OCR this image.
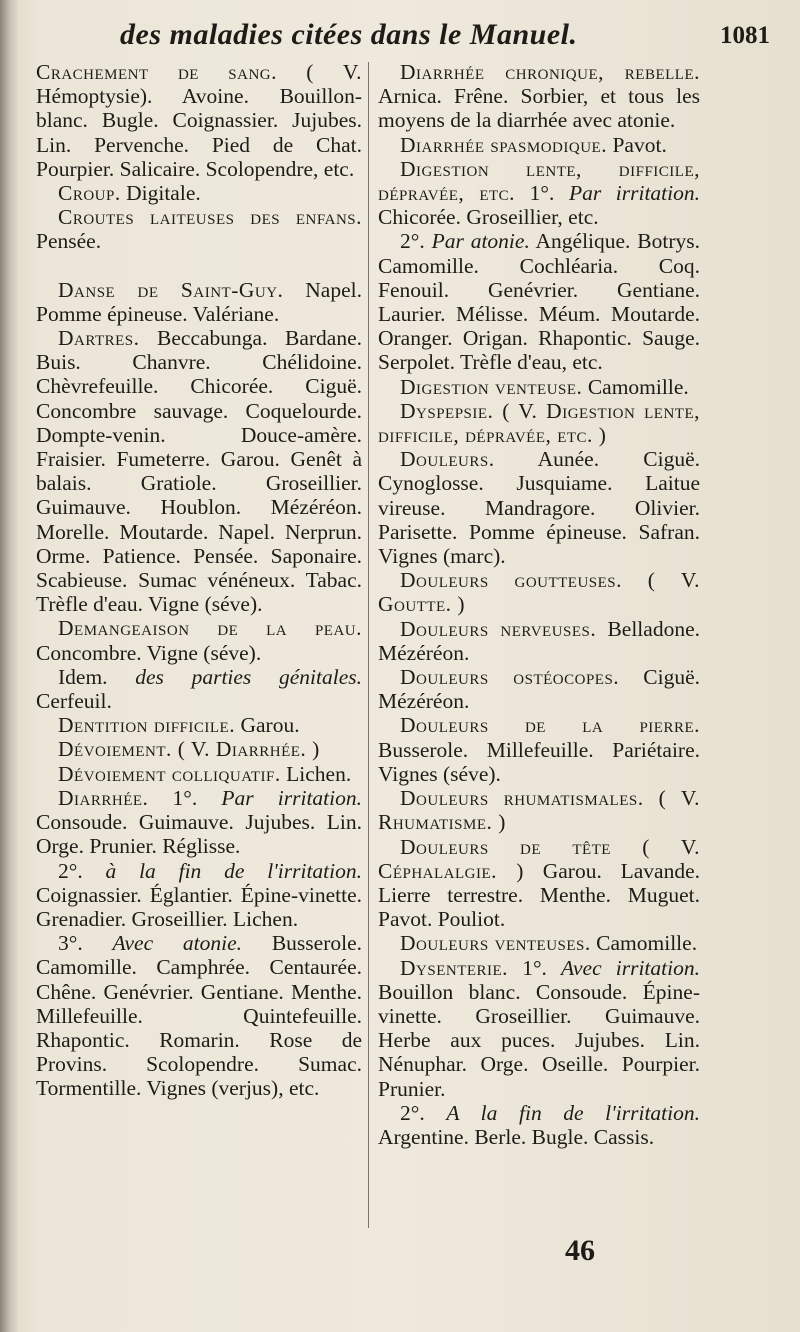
des maladies citées dans le Manuel.	1081

Crachement de sang. ( V. Hémoptysie). Avoine. Bouillon-blanc. Bugle. Coignassier. Jujubes. Lin. Pervenche. Pied de Chat. Pourpier. Salicaire. Scolopendre, etc.

Croup. Digitale.

Croutes laiteuses des enfans. Pensée.

Danse de Saint-Guy. Napel. Pomme épineuse. Valériane.

Dartres. Beccabunga. Bardane. Buis. Chanvre. Chélidoine. Chèvrefeuille. Chicorée. Ciguë. Concombre sauvage. Coquelourde. Dompte-venin. Douce-amère. Fraisier. Fumeterre. Garou. Genêt à balais. Gratiole. Groseillier. Guimauve. Houblon. Mézéréon. Morelle. Moutarde. Napel. Nerprun. Orme. Patience. Pensée. Saponaire. Scabieuse. Sumac vénéneux. Tabac. Trèfle d'eau. Vigne (séve).

Demangeaison de la peau. Concombre. Vigne (séve).

Idem. des parties génitales. Cerfeuil.

Dentition difficile. Garou.

Dévoiement. ( V. Diarrhée. )

Dévoiement colliquatif. Lichen.

Diarrhée. 1°. Par irritation. Consoude. Guimauve. Jujubes. Lin. Orge. Prunier. Réglisse.

2°. à la fin de l'irritation. Coignassier. Églantier. Épine-vinette. Grenadier. Groseillier. Lichen.

3°. Avec atonie. Busserole. Camomille. Camphrée. Centaurée. Chêne. Genévrier. Gentiane. Menthe. Millefeuille. Quintefeuille. Rhapontic. Romarin. Rose de Provins. Scolopendre. Sumac. Tormentille. Vignes (verjus), etc.

Diarrhée chronique, rebelle. Arnica. Frêne. Sorbier, et tous les moyens de la diarrhée avec atonie.

Diarrhée spasmodique. Pavot.

Digestion lente, difficile, dépravée, etc. 1°. Par irritation. Chicorée. Groseillier, etc.

2°. Par atonie. Angélique. Botrys. Camomille. Cochléaria. Coq. Fenouil. Genévrier. Gentiane. Laurier. Mélisse. Méum. Moutarde. Oranger. Origan. Rhapontic. Sauge. Serpolet. Trèfle d'eau, etc.

Digestion venteuse. Camomille.

Dyspepsie. ( V. Digestion lente, difficile, dépravée, etc. )

Douleurs. Aunée. Ciguë. Cynoglosse. Jusquiame. Laitue vireuse. Mandragore. Olivier. Parisette. Pomme épineuse. Safran. Vignes (marc).

Douleurs goutteuses. ( V. Goutte. )

Douleurs nerveuses. Belladone. Mézéréon.

Douleurs ostéocopes. Ciguë. Mézéréon.

Douleurs de la pierre. Busserole. Millefeuille. Pariétaire. Vignes (séve).

Douleurs rhumatismales. ( V. Rhumatisme. )

Douleurs de tête ( V. Céphalalgie. ) Garou. Lavande. Lierre terrestre. Menthe. Muguet. Pavot. Pouliot.

Douleurs venteuses. Camomille.

Dysenterie. 1°. Avec irritation. Bouillon blanc. Consoude. Épine-vinette. Groseillier. Guimauve. Herbe aux puces. Jujubes. Lin. Nénuphar. Orge. Oseille. Pourpier. Prunier.

2°. A la fin de l'irritation. Argentine. Berle. Bugle. Cassis.

46
